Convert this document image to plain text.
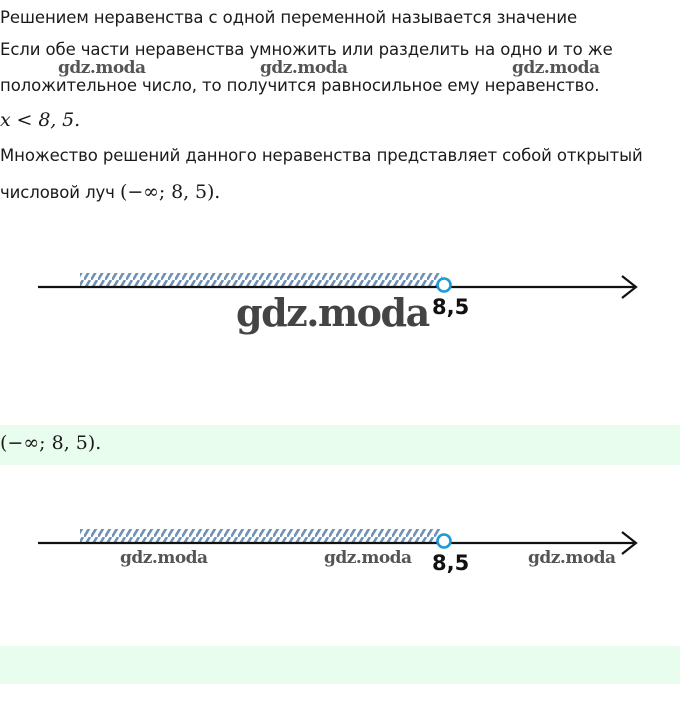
Решением неравенства с одной переменной называется значение
Если обе части неравенства умножить или разделить на одно и то же
gdz.moda	gdz.moda	gdz.moda
положительное число, то получится равносильное ему неравенство.
x < 8, 5.
Множество решений данного неравенства представляет собой открытый
числовой луч (−∞; 8, 5).
8,5
gdz.moda
(−∞; 8, 5).
8,5
gdz.moda	gdz.moda	gdz.moda
